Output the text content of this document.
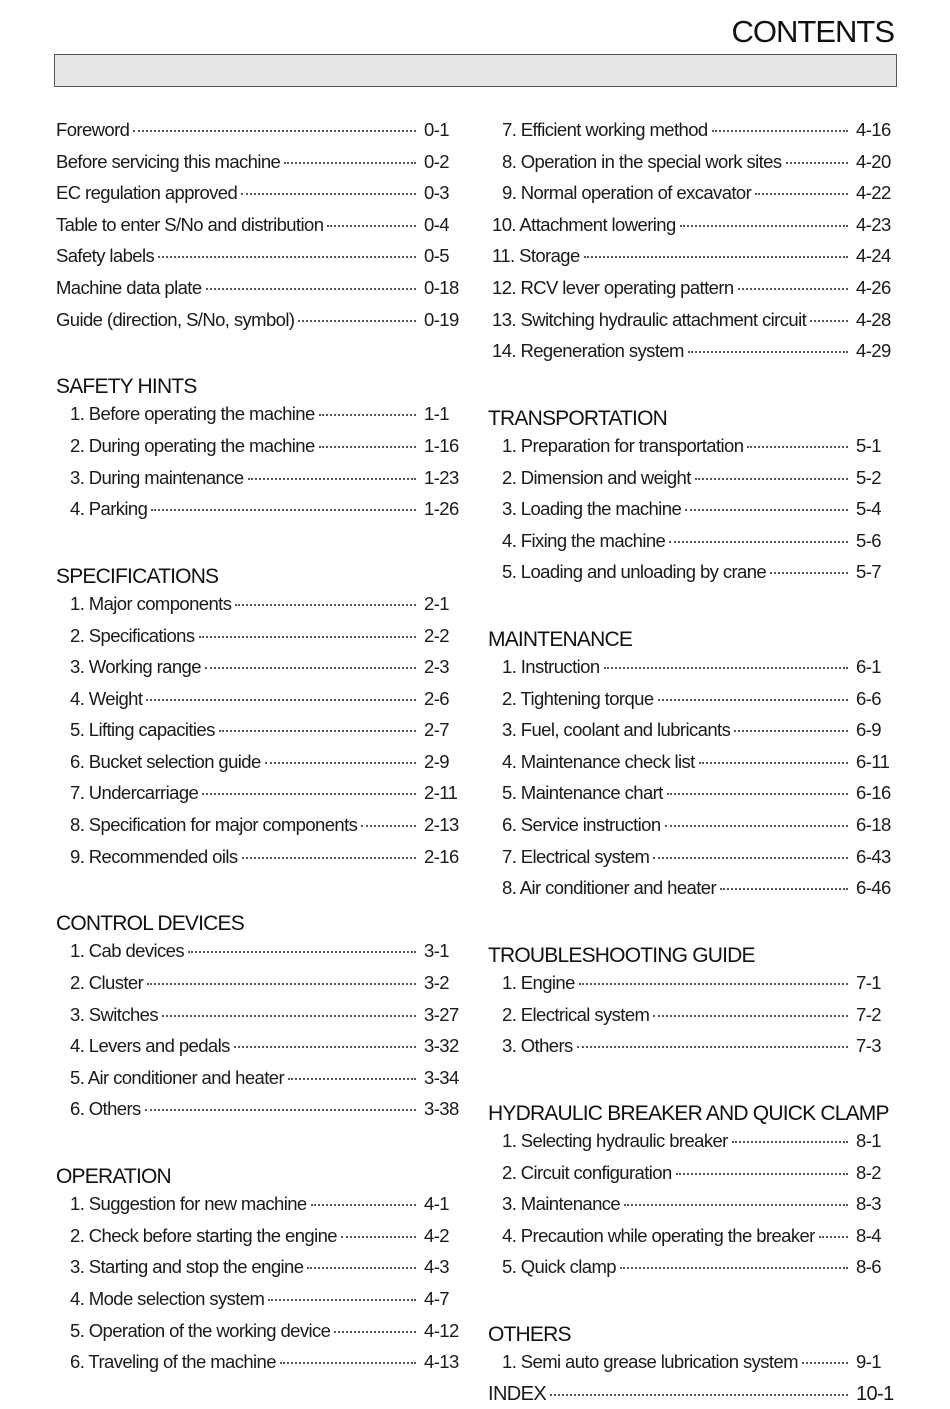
CONTENTS
Foreword	0-1
Before servicing this machine	0-2
EC regulation approved	0-3
Table to enter S/No and distribution	0-4
Safety labels	0-5
Machine data plate	0-18
Guide (direction, S/No, symbol)	0-19
SAFETY HINTS
1. Before operating the machine	1-1
2. During operating the machine	1-16
3. During maintenance	1-23
4. Parking	1-26
SPECIFICATIONS
1. Major components	2-1
2. Specifications	2-2
3. Working range	2-3
4. Weight	2-6
5. Lifting capacities	2-7
6. Bucket selection guide	2-9
7. Undercarriage	2-11
8. Specification for major components	2-13
9. Recommended oils	2-16
CONTROL DEVICES
1. Cab devices	3-1
2. Cluster	3-2
3. Switches	3-27
4. Levers and pedals	3-32
5. Air conditioner and heater	3-34
6. Others	3-38
OPERATION
1. Suggestion for new machine	4-1
2. Check before starting the engine	4-2
3. Starting and stop the engine	4-3
4. Mode selection system	4-7
5. Operation of the working device	4-12
6. Traveling of the machine	4-13
7. Efficient working method	4-16
8. Operation in the special work sites	4-20
9. Normal operation of excavator	4-22
10. Attachment lowering	4-23
11. Storage	4-24
12. RCV lever operating pattern	4-26
13. Switching hydraulic attachment circuit	4-28
14. Regeneration system	4-29
TRANSPORTATION
1. Preparation for transportation	5-1
2. Dimension and weight	5-2
3. Loading the machine	5-4
4. Fixing the machine	5-6
5. Loading and unloading by crane	5-7
MAINTENANCE
1. Instruction	6-1
2. Tightening torque	6-6
3. Fuel, coolant and lubricants	6-9
4. Maintenance check list	6-11
5. Maintenance chart	6-16
6. Service instruction	6-18
7. Electrical system	6-43
8. Air conditioner and heater	6-46
TROUBLESHOOTING GUIDE
1. Engine	7-1
2. Electrical system	7-2
3. Others	7-3
HYDRAULIC BREAKER AND QUICK CLAMP
1. Selecting hydraulic breaker	8-1
2. Circuit configuration	8-2
3. Maintenance	8-3
4. Precaution while operating the breaker 8-4
5. Quick clamp	8-6
OTHERS
1. Semi auto grease lubrication system	9-1
INDEX	10-1
